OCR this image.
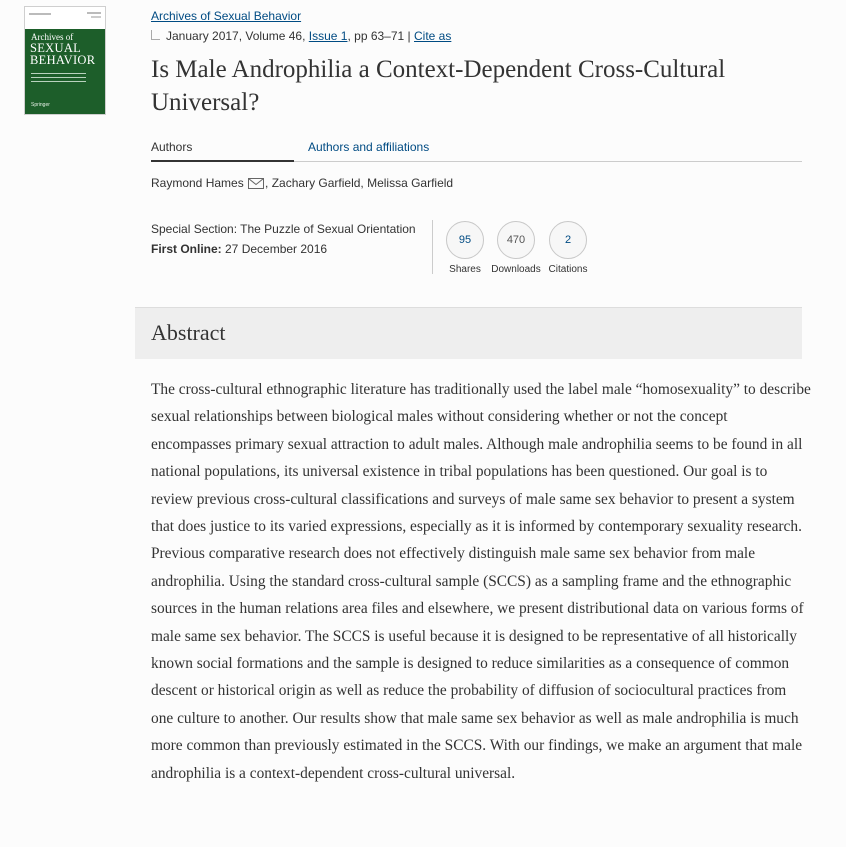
Archives of
SEXUAL
BEHAVIOR
Springer
Archives of Sexual Behavior
January 2017, Volume 46, Issue 1, pp 63–71 | Cite as
Is Male Androphilia a Context-Dependent Cross-Cultural Universal?
Authors	Authors and affiliations
Raymond Hames , Zachary Garfield, Melissa Garfield
Special Section: The Puzzle of Sexual Orientation
First Online: 27 December 2016
95
Shares
470
Downloads
2
Citations
Abstract

The cross-cultural ethnographic literature has traditionally used the label male “homosexuality” to describe sexual relationships between biological males without considering whether or not the concept encompasses primary sexual attraction to adult males. Although male androphilia seems to be found in all national populations, its universal existence in tribal populations has been questioned. Our goal is to review previous cross-cultural classifications and surveys of male same sex behavior to present a system that does justice to its varied expressions, especially as it is informed by contemporary sexuality research. Previous comparative research does not effectively distinguish male same sex behavior from male androphilia. Using the standard cross-cultural sample (SCCS) as a sampling frame and the ethnographic sources in the human relations area files and elsewhere, we present distributional data on various forms of male same sex behavior. The SCCS is useful because it is designed to be representative of all historically known social formations and the sample is designed to reduce similarities as a consequence of common descent or historical origin as well as reduce the probability of diffusion of sociocultural practices from one culture to another. Our results show that male same sex behavior as well as male androphilia is much more common than previously estimated in the SCCS. With our findings, we make an argument that male androphilia is a context-dependent cross-cultural universal.
